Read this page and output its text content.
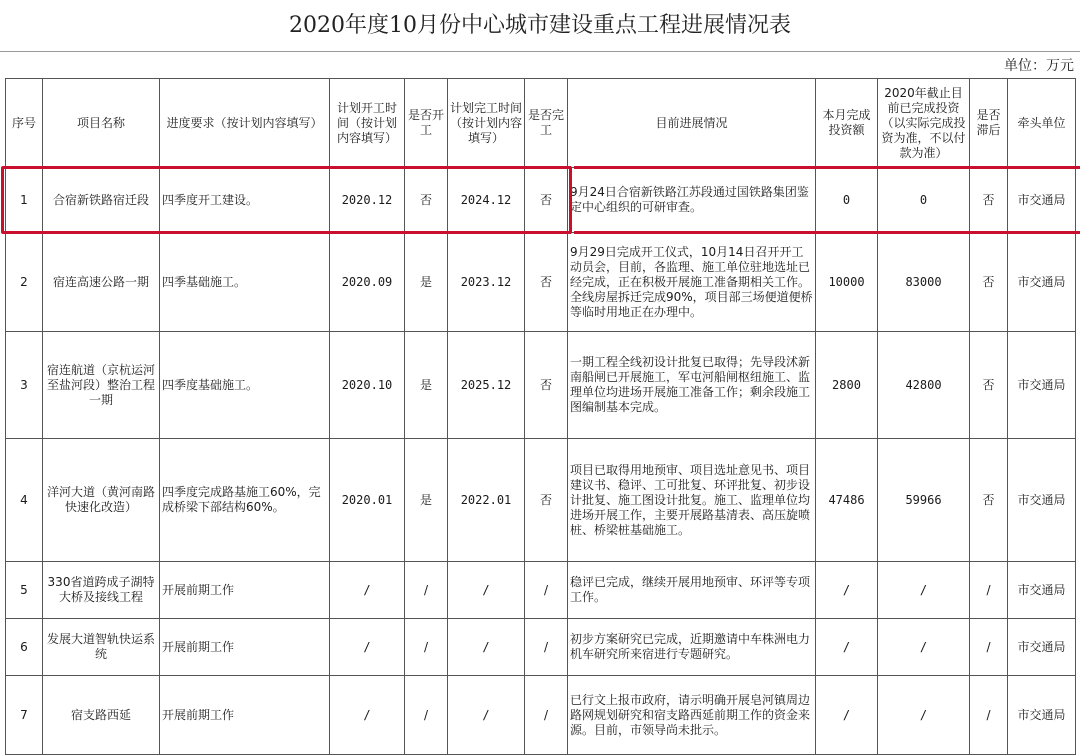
2020年度10月份中心城市建设重点工程进展情况表
单位：万元
序号	项目名称	进度要求（按计划内容填写）	计划开工时间（按计划内容填写）	是否开工	计划完工时间（按计划内容填写）	是否完工	目前进展情况	本月完成投资额	2020年截止目前已完成投资（以实际完成投资为准，不以付款为准）	是否滞后	牵头单位
1	合宿新铁路宿迁段	四季度开工建设。	2020.12	否	2024.12	否	9月24日合宿新铁路江苏段通过国铁路集团鉴定中心组织的可研审查。	0	0	否	市交通局
2	宿连高速公路一期	四季基础施工。	2020.09	是	2023.12	否	9月29日完成开工仪式，10月14日召开开工动员会，目前，各监理、施工单位驻地选址已经完成，正在积极开展施工准备期相关工作。全线房屋拆迁完成90%，项目部三场便道便桥等临时用地正在办理中。	10000	83000	否	市交通局
3	宿连航道（京杭运河至盐河段）整治工程一期	四季度基础施工。	2020.10	是	2025.12	否	一期工程全线初设计批复已取得；先导段沭新南船闸已开展施工，军屯河船闸枢纽施工、监理单位均进场开展施工准备工作；剩余段施工图编制基本完成。	2800	42800	否	市交通局
4	洋河大道（黄河南路快速化改造）	四季度完成路基施工60%，完成桥梁下部结构60%。	2020.01	是	2022.01	否	项目已取得用地预审、项目选址意见书、项目建议书、稳评、工可批复、环评批复、初步设计批复、施工图设计批复。施工、监理单位均进场开展工作，主要开展路基清表、高压旋喷桩、桥梁桩基础施工。	47486	59966	否	市交通局
5	330省道跨成子湖特大桥及接线工程	开展前期工作	/	/	/	/	稳评已完成，继续开展用地预审、环评等专项工作。	/	/	/	市交通局
6	发展大道智轨快运系统	开展前期工作	/	/	/	/	初步方案研究已完成，近期邀请中车株洲电力机车研究所来宿进行专题研究。	/	/	/	市交通局
7	宿支路西延	开展前期工作	/	/	/	/	已行文上报市政府，请示明确开展皂河镇周边路网规划研究和宿支路西延前期工作的资金来源。目前，市领导尚未批示。	/	/	/	市交通局
